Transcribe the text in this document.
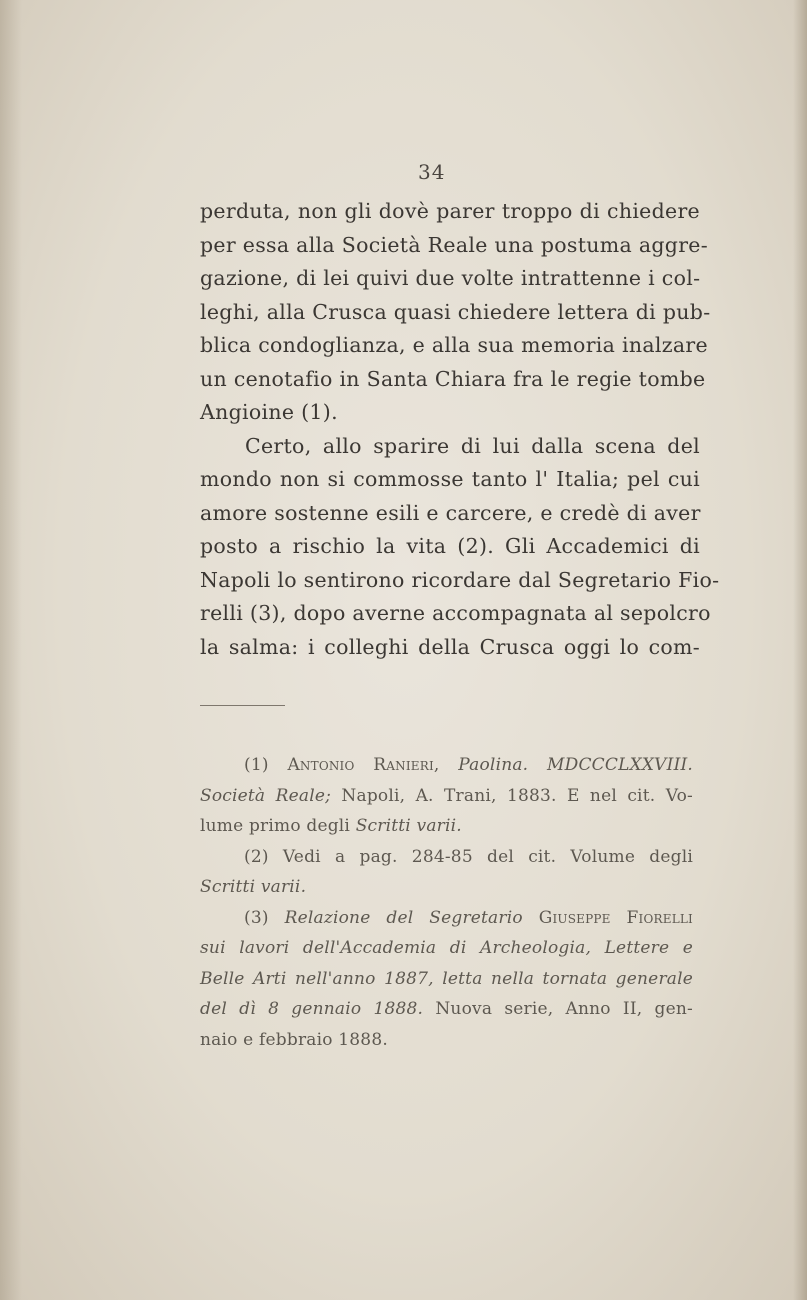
34
perduta, non gli dovè parer troppo di chiedere
per essa alla Società Reale una postuma aggre-
gazione, di lei quivi due volte intrattenne i col-
leghi, alla Crusca quasi chiedere lettera di pub-
blica condoglianza, e alla sua memoria inalzare
un cenotafio in Santa Chiara fra le regie tombe
Angioine (1).
Certo, allo sparire di lui dalla scena del
mondo non si commosse tanto l' Italia; pel cui
amore sostenne esili e carcere, e credè di aver
posto a rischio la vita (2). Gli Accademici di
Napoli lo sentirono ricordare dal Segretario Fio-
relli (3), dopo averne accompagnata al sepolcro
la salma: i colleghi della Crusca oggi lo com-
(1) Antonio Ranieri, Paolina. MDCCCLXXVIII.
Società Reale; Napoli, A. Trani, 1883. E nel cit. Vo-
lume primo degli Scritti varii.
(2) Vedi a pag. 284-85 del cit. Volume degli
Scritti varii.
(3) Relazione del Segretario Giuseppe Fiorelli
sui lavori dell'Accademia di Archeologia, Lettere e
Belle Arti nell'anno 1887, letta nella tornata generale
del dì 8 gennaio 1888. Nuova serie, Anno II, gen-
naio e febbraio 1888.
